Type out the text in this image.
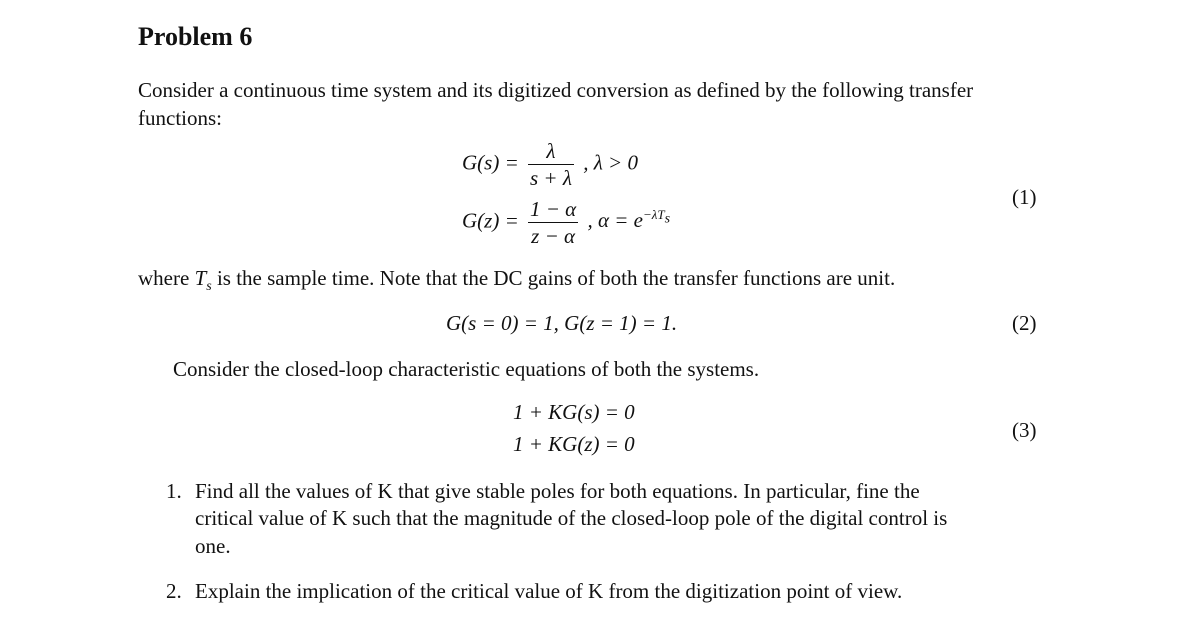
Problem 6
Consider a continuous time system and its digitized conversion as defined by the following transfer
functions:
$G(s) = \frac{\lambda}{s + \lambda}$ , λ > 0
$G(z) = \frac{1 - \alpha}{z - \alpha}$ , $\alpha = e^{-\lambda T_s}$
(1)
where $T_s$ is the sample time. Note that the DC gains of both the transfer functions are unit.
G(s = 0) = 1, G(z = 1) = 1.	(2)
Consider the closed-loop characteristic equations of both the systems.
1 + KG(s) = 0
1 + KG(z) = 0
(3)
1. Find all the values of K that give stable poles for both equations. In particular, fine the
critical value of K such that the magnitude of the closed-loop pole of the digital control is
one.
2. Explain the implication of the critical value of K from the digitization point of view.
